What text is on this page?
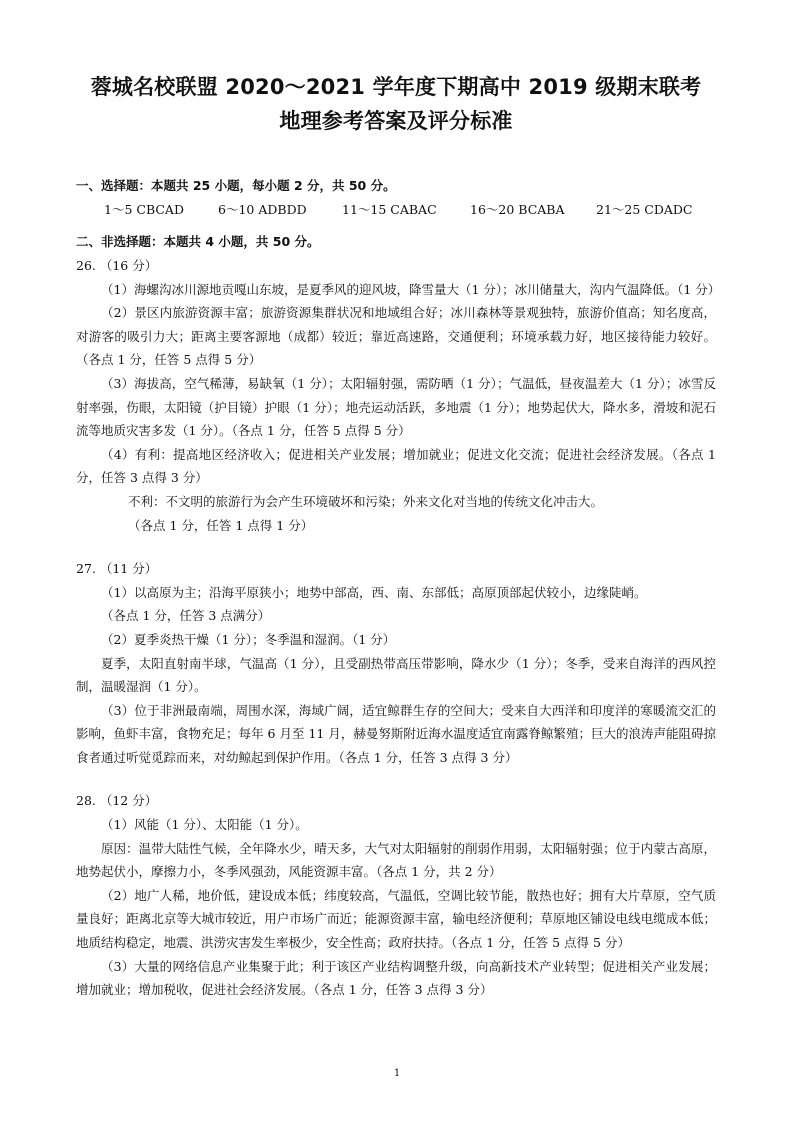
蓉城名校联盟 2020～2021 学年度下期高中 2019 级期末联考
地理参考答案及评分标准

一、选择题：本题共 25 小题，每小题 2 分，共 50 分。

1～5 CBCAD	6～10 ADBDD	11～15 CABAC	16～20 BCABA	21～25 CDADC

二、非选择题：本题共 4 小题，共 50 分。

26. （16 分）

（1）海螺沟冰川源地贡嘎山东坡，是夏季风的迎风坡，降雪量大（1 分）；冰川储量大，沟内气温降低。（1 分）

（2）景区内旅游资源丰富；旅游资源集群状况和地域组合好；冰川森林等景观独特，旅游价值高；知名度高，对游客的吸引力大；距离主要客源地（成都）较近；靠近高速路，交通便利；环境承载力好，地区接待能力较好。（各点 1 分，任答 5 点得 5 分）

（3）海拔高，空气稀薄，易缺氧（1 分）；太阳辐射强，需防晒（1 分）；气温低，昼夜温差大（1 分）；冰雪反射率强，伤眼，太阳镜（护目镜）护眼（1 分）；地壳运动活跃，多地震（1 分）；地势起伏大，降水多，滑坡和泥石流等地质灾害多发（1 分）。（各点 1 分，任答 5 点得 5 分）

（4）有利：提高地区经济收入；促进相关产业发展；增加就业；促进文化交流；促进社会经济发展。（各点 1 分，任答 3 点得 3 分）

不利：不文明的旅游行为会产生环境破坏和污染；外来文化对当地的传统文化冲击大。

（各点 1 分，任答 1 点得 1 分）

27. （11 分）

（1）以高原为主；沿海平原狭小；地势中部高，西、南、东部低；高原顶部起伏较小，边缘陡峭。

（各点 1 分，任答 3 点满分）

（2）夏季炎热干燥（1 分）；冬季温和湿润。（1 分）

夏季，太阳直射南半球，气温高（1 分），且受副热带高压带影响，降水少（1 分）；冬季，受来自海洋的西风控制，温暖湿润（1 分）。

（3）位于非洲最南端，周围水深，海域广阔，适宜鲸群生存的空间大；受来自大西洋和印度洋的寒暖流交汇的影响，鱼虾丰富，食物充足；每年 6 月至 11 月，赫曼努斯附近海水温度适宜南露脊鲸繁殖；巨大的浪涛声能阻碍掠食者通过听觉觅踪而来，对幼鲸起到保护作用。（各点 1 分，任答 3 点得 3 分）

28. （12 分）

（1）风能（1 分）、太阳能（1 分）。

原因：温带大陆性气候，全年降水少，晴天多，大气对太阳辐射的削弱作用弱，太阳辐射强；位于内蒙古高原，地势起伏小，摩擦力小，冬季风强劲，风能资源丰富。（各点 1 分，共 2 分）

（2）地广人稀，地价低，建设成本低；纬度较高，气温低，空调比较节能，散热也好；拥有大片草原，空气质量良好；距离北京等大城市较近，用户市场广而近；能源资源丰富，输电经济便利；草原地区铺设电线电缆成本低；地质结构稳定，地震、洪涝灾害发生率极少，安全性高；政府扶持。（各点 1 分，任答 5 点得 5 分）

（3）大量的网络信息产业集聚于此；利于该区产业结构调整升级，向高新技术产业转型；促进相关产业发展；增加就业；增加税收，促进社会经济发展。（各点 1 分，任答 3 点得 3 分）

1
